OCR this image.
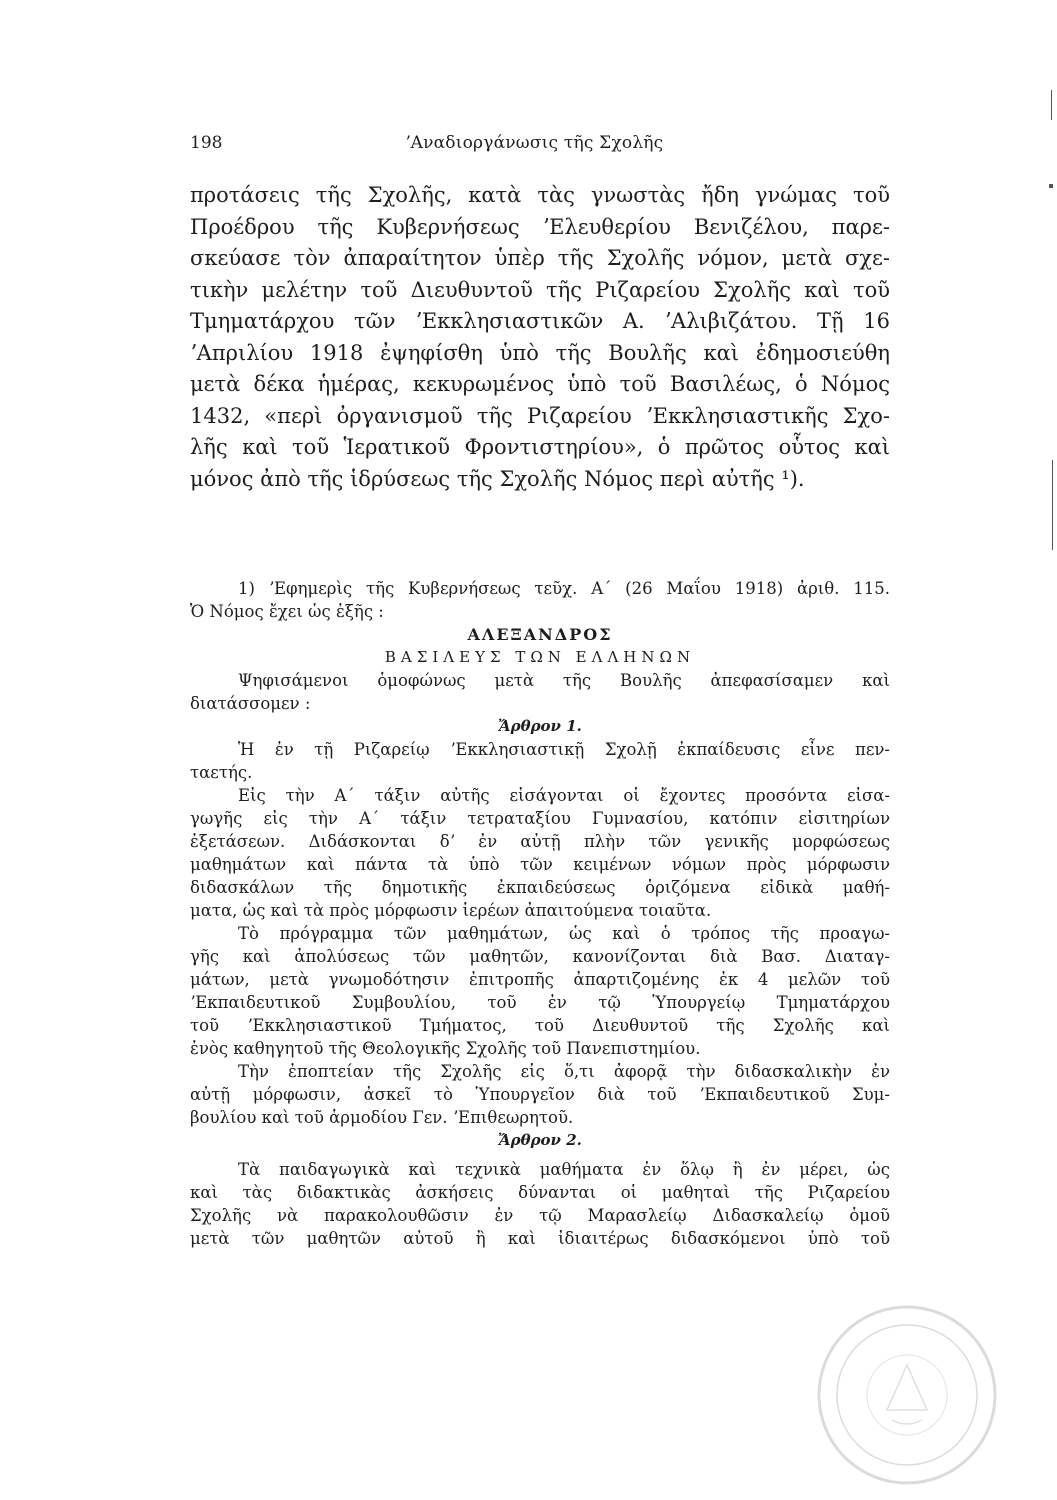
198	ʼΑναδιοργάνωσις τῆς Σχολῆς
προτάσεις τῆς Σχολῆς, κατὰ τὰς γνωστὰς ἤδη γνώμας τοῦ
Προέδρου τῆς Κυβερνήσεως ʼΕλευθερίου Βενιζέλου, παρε-
σκεύασε τὸν ἀπαραίτητον ὑπὲρ τῆς Σχολῆς νόμον, μετὰ σχε-
τικὴν μελέτην τοῦ Διευθυντοῦ τῆς Ριζαρείου Σχολῆς καὶ τοῦ
Τμηματάρχου τῶν ʼΕκκλησιαστικῶν Α. ʼΑλιβιζάτου. Τῇ 16
ʼΑπριλίου 1918 ἐψηφίσθη ὑπὸ τῆς Βουλῆς καὶ ἐδημοσιεύθη
μετὰ δέκα ἡμέρας, κεκυρωμένος ὑπὸ τοῦ Βασιλέως, ὁ Νόμος
1432, «περὶ ὀργανισμοῦ τῆς Ριζαρείου ʼΕκκλησιαστικῆς Σχο-
λῆς καὶ τοῦ Ἱερατικοῦ Φροντιστηρίου», ὁ πρῶτος οὗτος καὶ
μόνος ἀπὸ τῆς ἱδρύσεως τῆς Σχολῆς Νόμος περὶ αὐτῆς ¹).
1) ʼΕφημερὶς τῆς Κυβερνήσεως τεῦχ. Α΄ (26 Μαΐου 1918) ἀριθ. 115.
Ὁ Νόμος ἔχει ὡς ἑξῆς :
ΑΛΕΞΑΝΔΡΟΣ
ΒΑΣΙΛΕΥΣ ΤΩΝ ΕΛΛΗΝΩΝ
Ψηφισάμενοι ὁμοφώνως μετὰ τῆς Βουλῆς ἀπεφασίσαμεν καὶ
διατάσσομεν :
Ἄρθρον 1.
Ἡ ἐν τῇ Ριζαρείῳ ʼΕκκλησιαστικῇ Σχολῇ ἐκπαίδευσις εἶνε πεν-
ταετής.
Εἰς τὴν Α΄ τάξιν αὐτῆς εἰσάγονται οἱ ἔχοντες προσόντα εἰσα-
γωγῆς εἰς τὴν Α΄ τάξιν τετραταξίου Γυμνασίου, κατόπιν εἰσιτηρίων
ἐξετάσεων. Διδάσκονται δʼ ἐν αὐτῇ πλὴν τῶν γενικῆς μορφώσεως
μαθημάτων καὶ πάντα τὰ ὑπὸ τῶν κειμένων νόμων πρὸς μόρφωσιν
διδασκάλων τῆς δημοτικῆς ἐκπαιδεύσεως ὁριζόμενα εἰδικὰ μαθή-
ματα, ὡς καὶ τὰ πρὸς μόρφωσιν ἱερέων ἀπαιτούμενα τοιαῦτα.
Τὸ πρόγραμμα τῶν μαθημάτων, ὡς καὶ ὁ τρόπος τῆς προαγω-
γῆς καὶ ἀπολύσεως τῶν μαθητῶν, κανονίζονται διὰ Βασ. Διαταγ-
μάτων, μετὰ γνωμοδότησιν ἐπιτροπῆς ἀπαρτιζομένης ἐκ 4 μελῶν τοῦ
ʼΕκπαιδευτικοῦ Συμβουλίου, τοῦ ἐν τῷ Ὑπουργείῳ Τμηματάρχου
τοῦ ʼΕκκλησιαστικοῦ Τμήματος, τοῦ Διευθυντοῦ τῆς Σχολῆς καὶ
ἑνὸς καθηγητοῦ τῆς Θεολογικῆς Σχολῆς τοῦ Πανεπιστημίου.
Τὴν ἐποπτείαν τῆς Σχολῆς εἰς ὅ,τι ἀφορᾷ τὴν διδασκαλικὴν ἐν
αὐτῇ μόρφωσιν, ἀσκεῖ τὸ Ὑπουργεῖον διὰ τοῦ ʼΕκπαιδευτικοῦ Συμ-
βουλίου καὶ τοῦ ἁρμοδίου Γεν. ʼΕπιθεωρητοῦ.
Ἄρθρον 2.
Τὰ παιδαγωγικὰ καὶ τεχνικὰ μαθήματα ἐν ὅλῳ ἢ ἐν μέρει, ὡς
καὶ τὰς διδακτικὰς ἀσκήσεις δύνανται οἱ μαθηταὶ τῆς Ριζαρείου
Σχολῆς νὰ παρακολουθῶσιν ἐν τῷ Μαρασλείῳ Διδασκαλείῳ ὁμοῦ
μετὰ τῶν μαθητῶν αὐτοῦ ἢ καὶ ἰδιαιτέρως διδασκόμενοι ὑπὸ τοῦ
